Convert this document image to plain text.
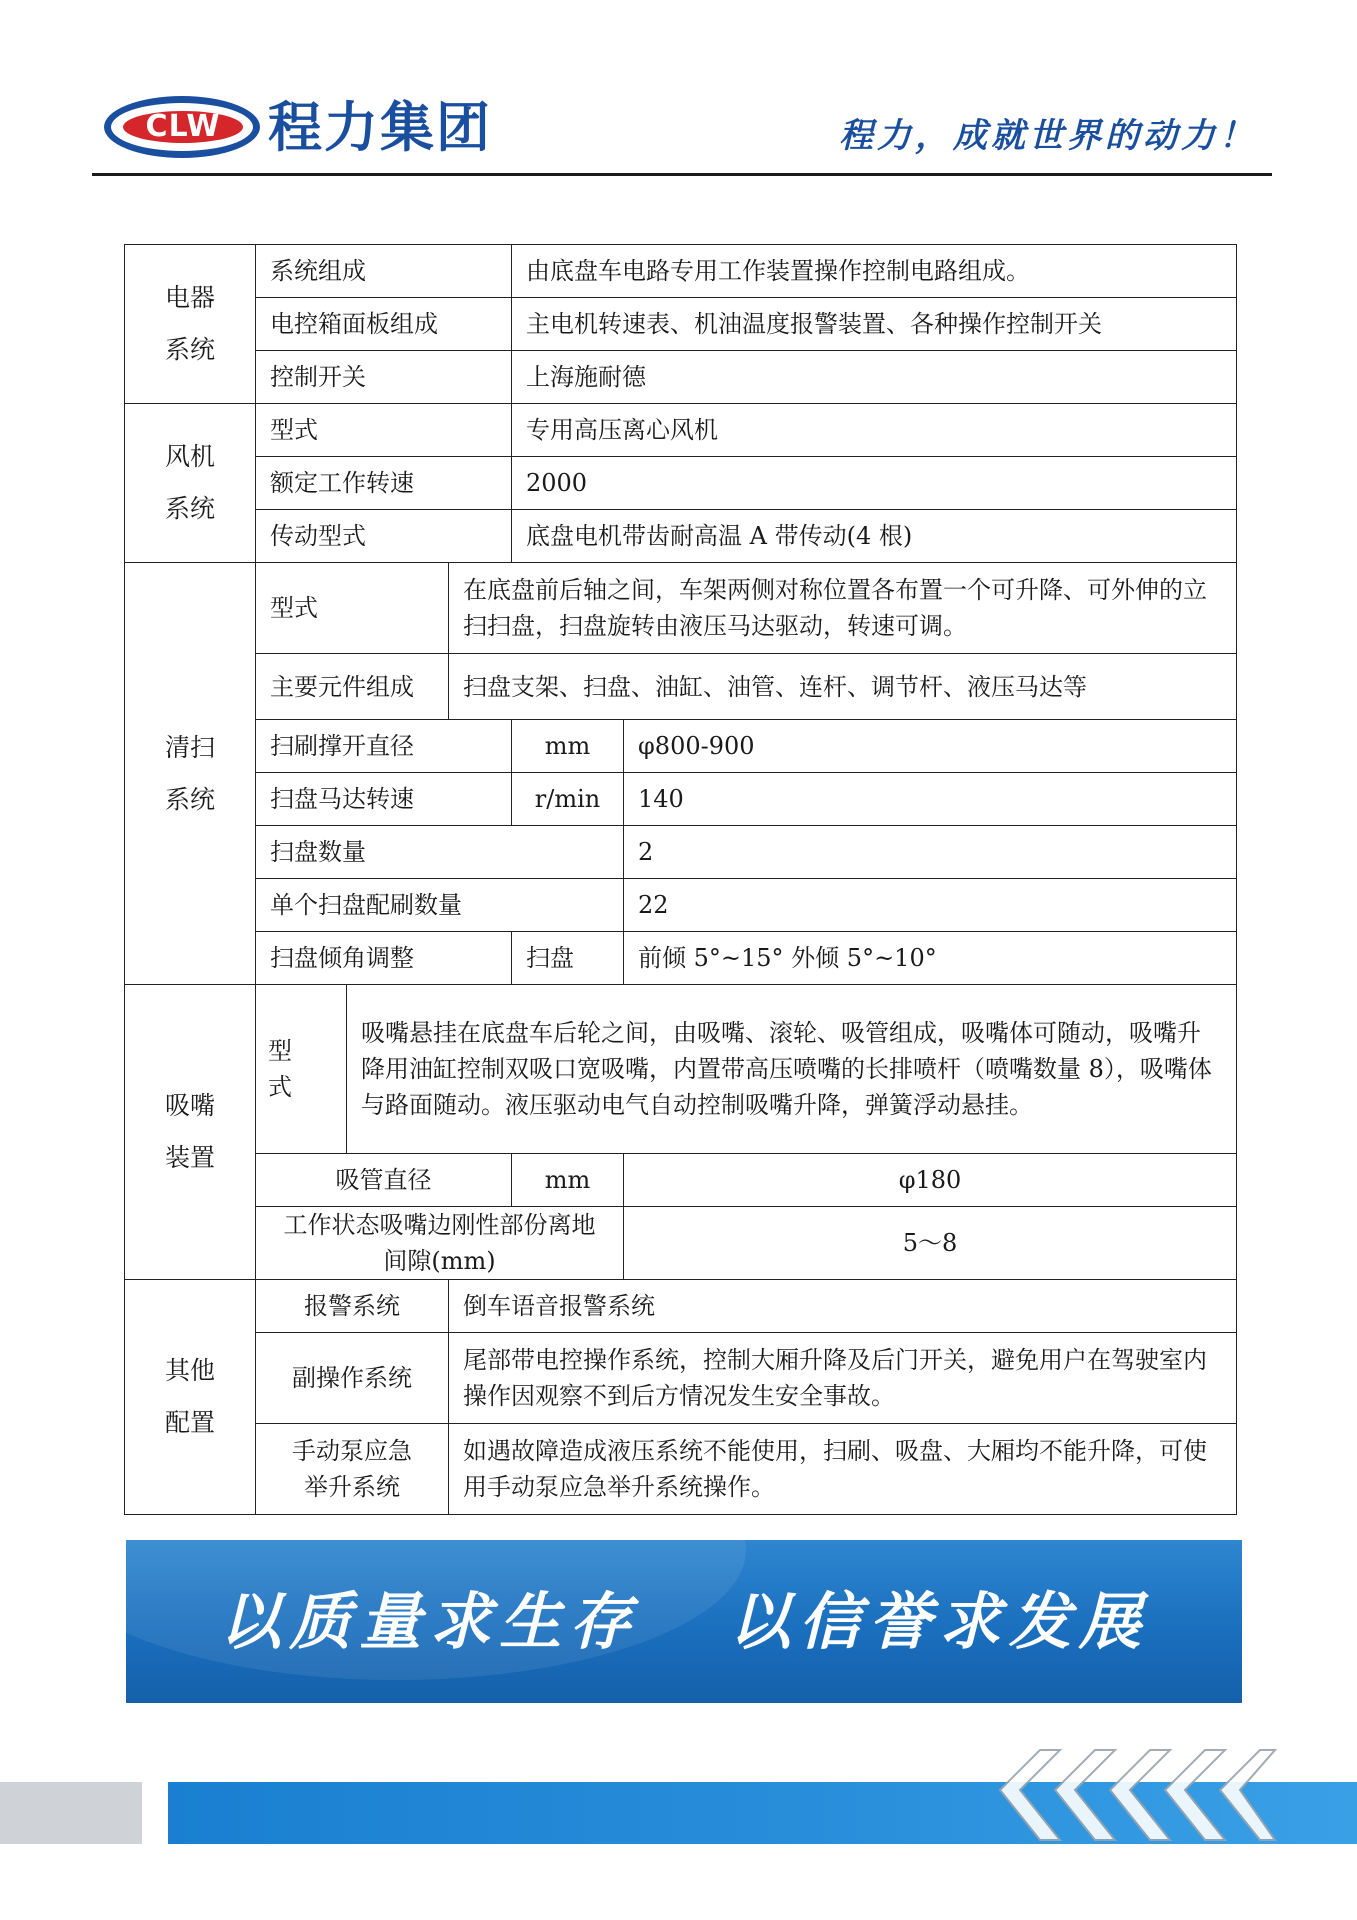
CLW 程力集团	程力，成就世界的动力！
电器系统	系统组成			由底盘车电路专用工作装置操作控制电路组成。	
	电控箱面板组成			主电机转速表、机油温度报警装置、各种操作控制开关	
	控制开关			上海施耐德	

风机系统	型式			专用高压离心风机	
	额定工作转速			2000	
	传动型式			底盘电机带齿耐高温 A 带传动(4 根)	

清扫系统	型式		在底盘前后轴之间，车架两侧对称位置各布置一个可升降、可外伸的立扫扫盘，扫盘旋转由液压马达驱动，转速可调。		
	主要元件组成		扫盘支架、扫盘、油缸、油管、连杆、调节杆、液压马达等		
	扫刷撑开直径			mm	φ800-900
	扫盘马达转速			r/min	140
	扫盘数量				2
	单个扫盘配刷数量				22
	扫盘倾角调整			扫盘	前倾 5°~15° 外倾 5°~10°

吸嘴装置	型式	吸嘴悬挂在底盘车后轮之间，由吸嘴、滚轮、吸管组成，吸嘴体可随动，吸嘴升降用油缸控制双吸口宽吸嘴，内置带高压喷嘴的长排喷杆（喷嘴数量 8），吸嘴体与路面随动。液压驱动电气自动控制吸嘴升降，弹簧浮动悬挂。			
	吸管直径			mm	φ180

	工作状态吸嘴边刚性部份离地间隙(mm)				5～8

其他配置	报警系统		倒车语音报警系统		
	副操作系统		尾部带电控操作系统，控制大厢升降及后门开关，避免用户在驾驶室内操作因观察不到后方情况发生安全事故。		

	手动泵应急举升系统		如遇故障造成液压系统不能使用，扫刷、吸盘、大厢均不能升降，可使用手动泵应急举升系统操作。		
以质量求生存 以信誉求发展
